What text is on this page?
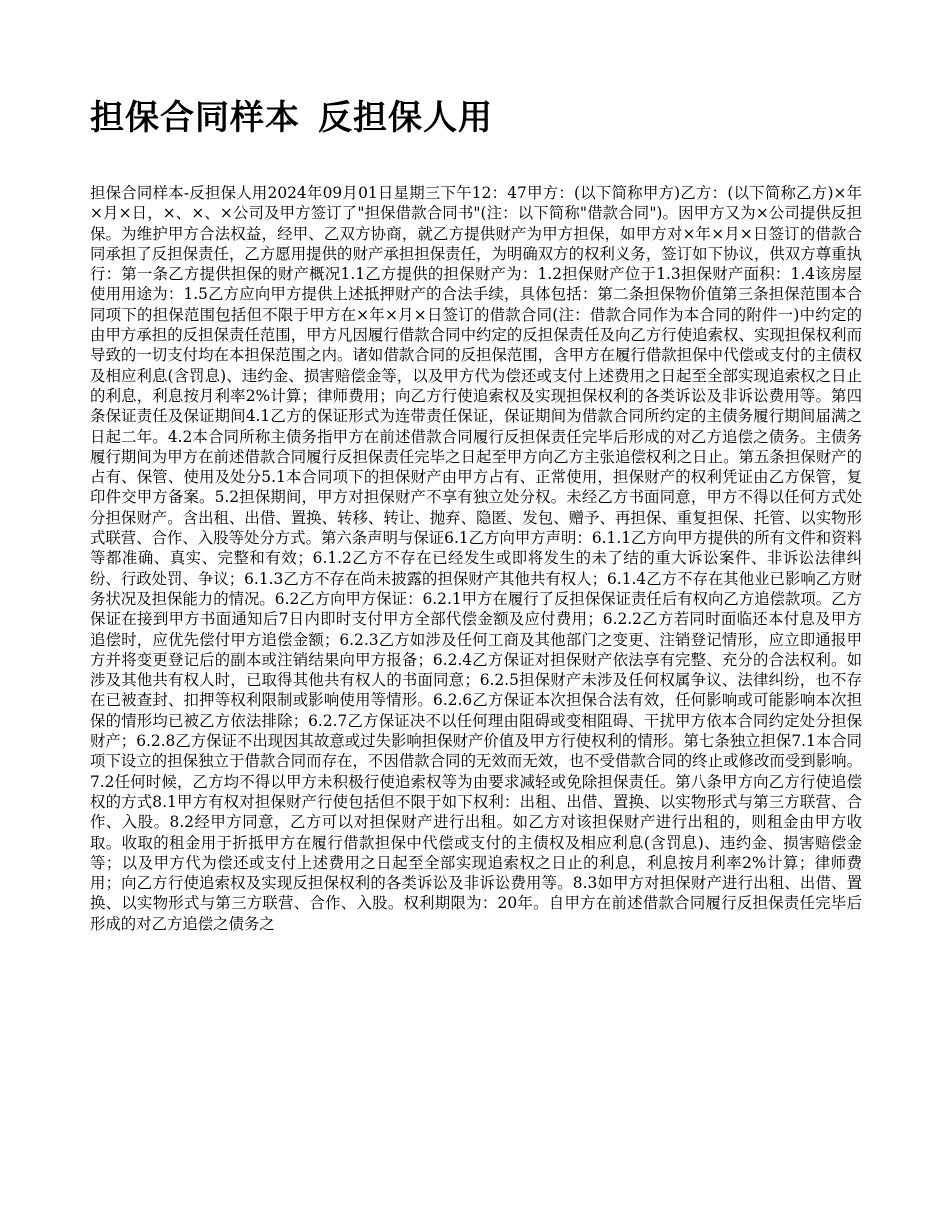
担保合同样本 反担保人用

担保合同样本-反担保人用2024年09月01日星期三下午12：47甲方：(以下简称甲方)乙方：(以下简称乙方)×年×月×日，×、×、×公司及甲方签订了"担保借款合同书"(注：以下简称"借款合同")。因甲方又为×公司提供反担保。为维护甲方合法权益，经甲、乙双方协商，就乙方提供财产为甲方担保，如甲方对×年×月×日签订的借款合同承担了反担保责任，乙方愿用提供的财产承担担保责任，为明确双方的权利义务，签订如下协议，供双方尊重执行：第一条乙方提供担保的财产概况1.1乙方提供的担保财产为：1.2担保财产位于1.3担保财产面积：1.4该房屋使用用途为：1.5乙方应向甲方提供上述抵押财产的合法手续，具体包括：第二条担保物价值第三条担保范围本合同项下的担保范围包括但不限于甲方在×年×月×日签订的借款合同(注：借款合同作为本合同的附件一)中约定的由甲方承担的反担保责任范围，甲方凡因履行借款合同中约定的反担保责任及向乙方行使追索权、实现担保权利而导致的一切支付均在本担保范围之内。诸如借款合同的反担保范围，含甲方在履行借款担保中代偿或支付的主债权及相应利息(含罚息)、违约金、损害赔偿金等，以及甲方代为偿还或支付上述费用之日起至全部实现追索权之日止的利息，利息按月利率2%计算；律师费用；向乙方行使追索权及实现担保权利的各类诉讼及非诉讼费用等。第四条保证责任及保证期间4.1乙方的保证形式为连带责任保证，保证期间为借款合同所约定的主债务履行期间届满之日起二年。4.2本合同所称主债务指甲方在前述借款合同履行反担保责任完毕后形成的对乙方追偿之债务。主债务履行期间为甲方在前述借款合同履行反担保责任完毕之日起至甲方向乙方主张追偿权利之日止。第五条担保财产的占有、保管、使用及处分5.1本合同项下的担保财产由甲方占有、正常使用，担保财产的权利凭证由乙方保管，复印件交甲方备案。5.2担保期间，甲方对担保财产不享有独立处分权。未经乙方书面同意，甲方不得以任何方式处分担保财产。含出租、出借、置换、转移、转让、抛弃、隐匿、发包、赠予、再担保、重复担保、托管、以实物形式联营、合作、入股等处分方式。第六条声明与保证6.1乙方向甲方声明：6.1.1乙方向甲方提供的所有文件和资料等都准确、真实、完整和有效；6.1.2乙方不存在已经发生或即将发生的未了结的重大诉讼案件、非诉讼法律纠纷、行政处罚、争议；6.1.3乙方不存在尚未披露的担保财产其他共有权人；6.1.4乙方不存在其他业已影响乙方财务状况及担保能力的情况。6.2乙方向甲方保证：6.2.1甲方在履行了反担保保证责任后有权向乙方追偿款项。乙方保证在接到甲方书面通知后7日内即时支付甲方全部代偿金额及应付费用；6.2.2乙方若同时面临还本付息及甲方追偿时，应优先偿付甲方追偿金额；6.2.3乙方如涉及任何工商及其他部门之变更、注销登记情形，应立即通报甲方并将变更登记后的副本或注销结果向甲方报备；6.2.4乙方保证对担保财产依法享有完整、充分的合法权利。如涉及其他共有权人时，已取得其他共有权人的书面同意；6.2.5担保财产未涉及任何权属争议、法律纠纷，也不存在已被查封、扣押等权利限制或影响使用等情形。6.2.6乙方保证本次担保合法有效，任何影响或可能影响本次担保的情形均已被乙方依法排除；6.2.7乙方保证决不以任何理由阻碍或变相阻碍、干扰甲方依本合同约定处分担保财产；6.2.8乙方保证不出现因其故意或过失影响担保财产价值及甲方行使权利的情形。第七条独立担保7.1本合同项下设立的担保独立于借款合同而存在，不因借款合同的无效而无效，也不受借款合同的终止或修改而受到影响。7.2任何时候，乙方均不得以甲方未积极行使追索权等为由要求减轻或免除担保责任。第八条甲方向乙方行使追偿权的方式8.1甲方有权对担保财产行使包括但不限于如下权利：出租、出借、置换、以实物形式与第三方联营、合作、入股。8.2经甲方同意，乙方可以对担保财产进行出租。如乙方对该担保财产进行出租的，则租金由甲方收取。收取的租金用于折抵甲方在履行借款担保中代偿或支付的主债权及相应利息(含罚息)、违约金、损害赔偿金等；以及甲方代为偿还或支付上述费用之日起至全部实现追索权之日止的利息，利息按月利率2%计算；律师费用；向乙方行使追索权及实现反担保权利的各类诉讼及非诉讼费用等。8.3如甲方对担保财产进行出租、出借、置换、以实物形式与第三方联营、合作、入股。权利期限为：20年。自甲方在前述借款合同履行反担保责任完毕后形成的对乙方追偿之债务之
